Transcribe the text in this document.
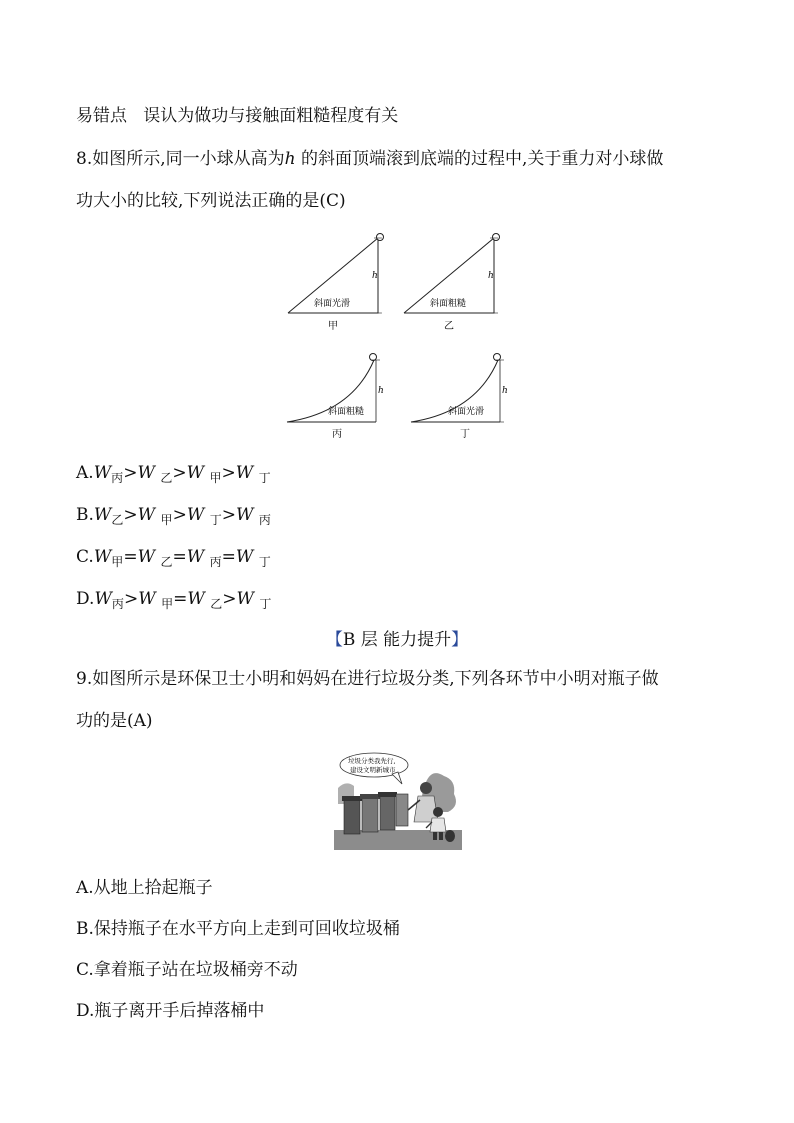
易错点 误认为做功与接触面粗糙程度有关
8.如图所示,同一小球从高为h 的斜面顶端滚到底端的过程中,关于重力对小球做
功大小的比较,下列说法正确的是(C)
h
斜面光滑
甲
h
斜面粗糙
乙
h
斜面粗糙
丙
h
斜面光滑
丁
$A.W_丙>W$ $_乙$>W $_甲$>W $_丁$
$B.W_乙>W$ $_甲$>W $_丁$>W $_丙$
$C.W_甲=W$ $_乙$=W $_丙$=W $_丁$
$D.W_丙>W$ $_甲$=W $_乙$>W $_丁$
【B 层 能力提升】
9.如图所示是环保卫士小明和妈妈在进行垃圾分类,下列各环节中小明对瓶子做
功的是(A)
垃圾分类我先行,
建设文明新城市
A.从地上拾起瓶子
B.保持瓶子在水平方向上走到可回收垃圾桶
C.拿着瓶子站在垃圾桶旁不动
D.瓶子离开手后掉落桶中
